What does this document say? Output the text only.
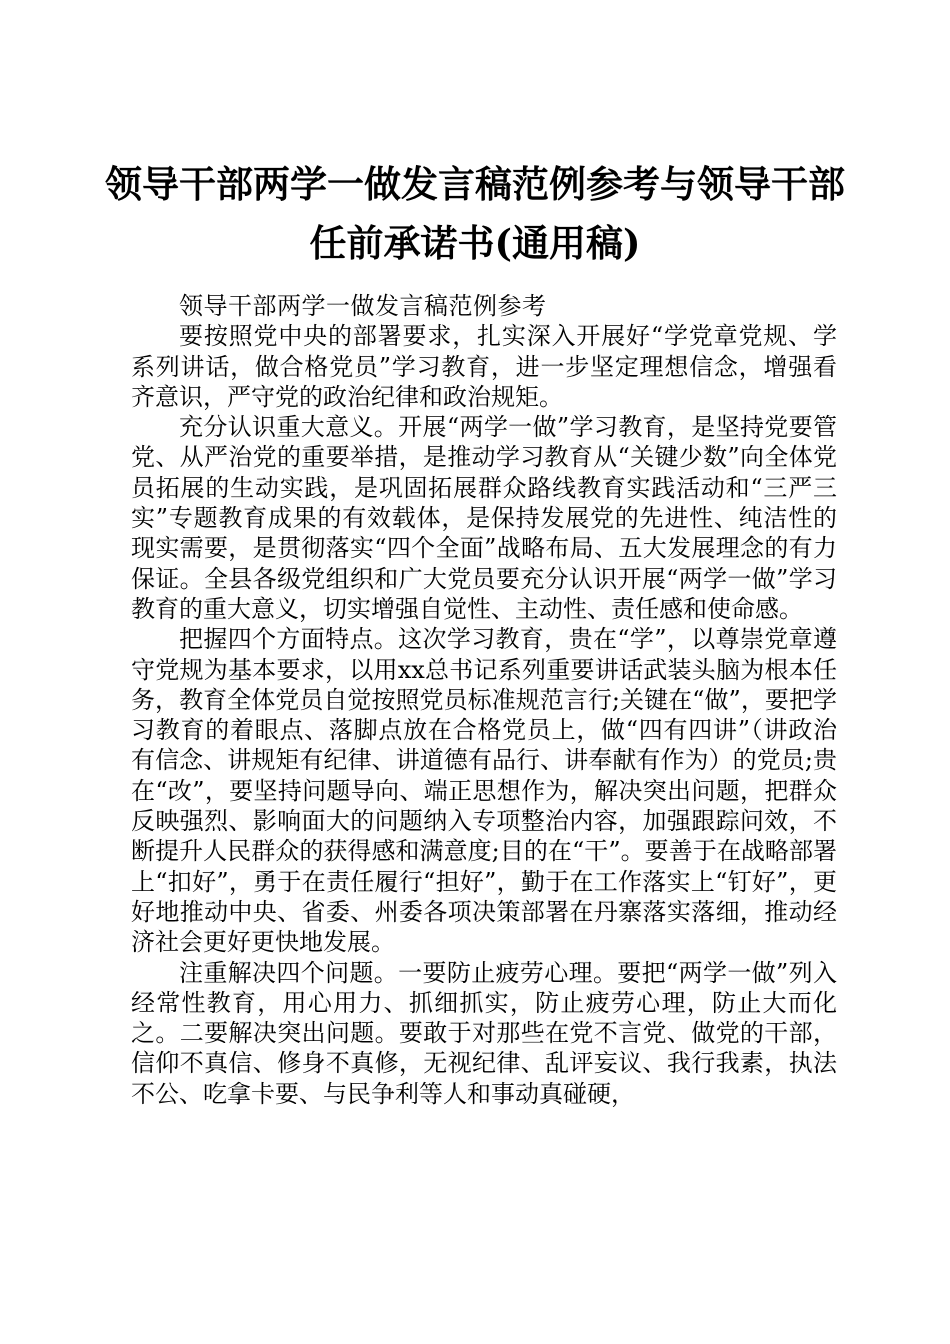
领导干部两学一做发言稿范例参考与领导干部
任前承诺书(通用稿)

领导干部两学一做发言稿范例参考

要按照党中央的部署要求，扎实深入开展好“学党章党规、学系列讲话，做合格党员”学习教育，进一步坚定理想信念，增强看齐意识，严守党的政治纪律和政治规矩。

充分认识重大意义。开展“两学一做”学习教育，是坚持党要管党、从严治党的重要举措，是推动学习教育从“关键少数”向全体党员拓展的生动实践，是巩固拓展群众路线教育实践活动和“三严三实”专题教育成果的有效载体，是保持发展党的先进性、纯洁性的现实需要，是贯彻落实“四个全面”战略布局、五大发展理念的有力保证。全县各级党组织和广大党员要充分认识开展“两学一做”学习教育的重大意义，切实增强自觉性、主动性、责任感和使命感。

把握四个方面特点。这次学习教育，贵在“学”，以尊崇党章遵守党规为基本要求，以用xx总书记系列重要讲话武装头脑为根本任务，教育全体党员自觉按照党员标准规范言行;关键在“做”，要把学习教育的着眼点、落脚点放在合格党员上，做“四有四讲”（讲政治有信念、讲规矩有纪律、讲道德有品行、讲奉献有作为）的党员;贵在“改”，要坚持问题导向、端正思想作为，解决突出问题，把群众反映强烈、影响面大的问题纳入专项整治内容，加强跟踪问效，不断提升人民群众的获得感和满意度;目的在“干”。要善于在战略部署上“扣好”，勇于在责任履行“担好”，勤于在工作落实上“钉好”，更好地推动中央、省委、州委各项决策部署在丹寨落实落细，推动经济社会更好更快地发展。

注重解决四个问题。一要防止疲劳心理。要把“两学一做”列入经常性教育，用心用力、抓细抓实，防止疲劳心理，防止大而化之。二要解决突出问题。要敢于对那些在党不言党、做党的干部，信仰不真信、修身不真修，无视纪律、乱评妄议、我行我素，执法不公、吃拿卡要、与民争利等人和事动真碰硬，
